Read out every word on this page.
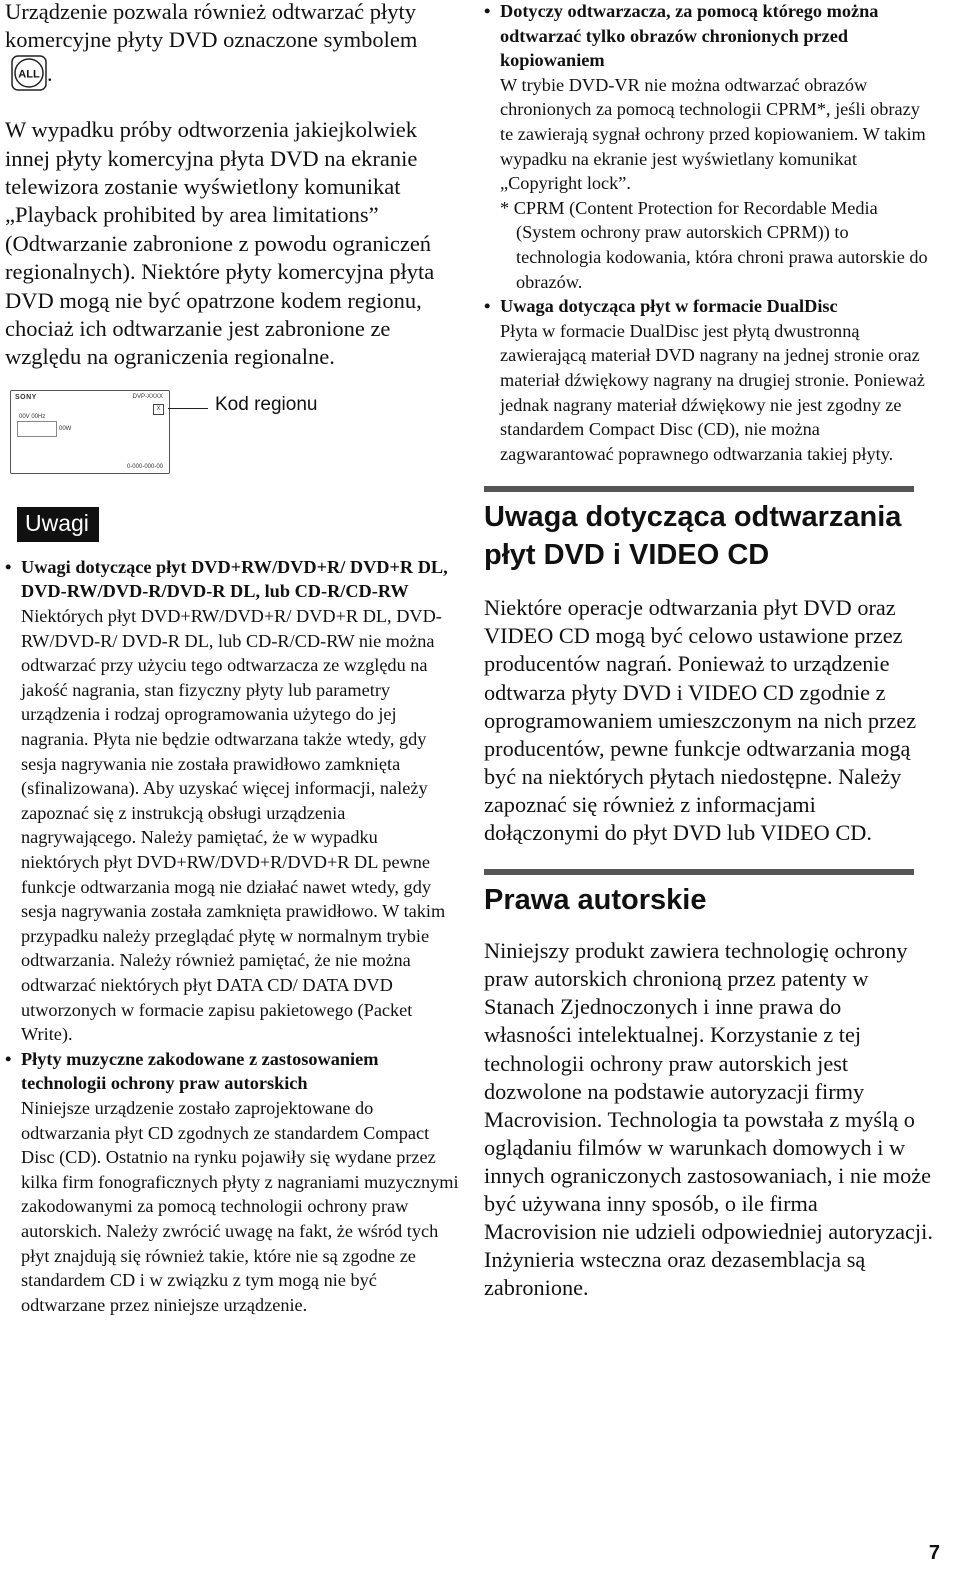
Urządzenie pozwala również odtwarzać płyty komercyjne płyty DVD oznaczone symbolem
ALL .

W wypadku próby odtworzenia jakiejkolwiek innej płyty komercyjna płyta DVD na ekranie telewizora zostanie wyświetlony komunikat „Playback prohibited by area limitations” (Odtwarzanie zabronione z powodu ograniczeń regionalnych). Niektóre płyty komercyjna płyta DVD mogą nie być opatrzone kodem regionu, chociaż ich odtwarzanie jest zabronione ze względu na ograniczenia regionalne.

SONY	DVP-XXXX
X
00V 00Hz
00W
0-000-000-00
Kod regionu
Uwagi

• Uwagi dotyczące płyt DVD+RW/DVD+R/ DVD+R DL, DVD-RW/DVD-R/DVD-R DL, lub CD-R/CD-RW

Niektórych płyt DVD+RW/DVD+R/ DVD+R DL, DVD-RW/DVD-R/ DVD-R DL, lub CD-R/CD-RW nie można odtwarzać przy użyciu tego odtwarzacza ze względu na jakość nagrania, stan fizyczny płyty lub parametry urządzenia i rodzaj oprogramowania użytego do jej nagrania. Płyta nie będzie odtwarzana także wtedy, gdy sesja nagrywania nie została prawidłowo zamknięta (sfinalizowana). Aby uzyskać więcej informacji, należy zapoznać się z instrukcją obsługi urządzenia nagrywającego. Należy pamiętać, że w wypadku niektórych płyt DVD+RW/DVD+R/DVD+R DL pewne funkcje odtwarzania mogą nie działać nawet wtedy, gdy sesja nagrywania została zamknięta prawidłowo. W takim przypadku należy przeglądać płytę w normalnym trybie odtwarzania. Należy również pamiętać, że nie można odtwarzać niektórych płyt DATA CD/ DATA DVD utworzonych w formacie zapisu pakietowego (Packet Write).

• Płyty muzyczne zakodowane z zastosowaniem technologii ochrony praw autorskich

Niniejsze urządzenie zostało zaprojektowane do odtwarzania płyt CD zgodnych ze standardem Compact Disc (CD). Ostatnio na rynku pojawiły się wydane przez kilka firm fonograficznych płyty z nagraniami muzycznymi zakodowanymi za pomocą technologii ochrony praw autorskich. Należy zwrócić uwagę na fakt, że wśród tych płyt znajdują się również takie, które nie są zgodne ze standardem CD i w związku z tym mogą nie być odtwarzane przez niniejsze urządzenie.

• Dotyczy odtwarzacza, za pomocą którego można odtwarzać tylko obrazów chronionych przed kopiowaniem

W trybie DVD-VR nie można odtwarzać obrazów chronionych za pomocą technologii CPRM*, jeśli obrazy te zawierają sygnał ochrony przed kopiowaniem. W takim wypadku na ekranie jest wyświetlany komunikat „Copyright lock”.

* CPRM (Content Protection for Recordable Media (System ochrony praw autorskich CPRM)) to technologia kodowania, która chroni prawa autorskie do obrazów.

• Uwaga dotycząca płyt w formacie DualDisc

Płyta w formacie DualDisc jest płytą dwustronną zawierającą materiał DVD nagrany na jednej stronie oraz materiał dźwiękowy nagrany na drugiej stronie. Ponieważ jednak nagrany materiał dźwiękowy nie jest zgodny ze standardem Compact Disc (CD), nie można zagwarantować poprawnego odtwarzania takiej płyty.

Uwaga dotycząca odtwarzania płyt DVD i VIDEO CD

Niektóre operacje odtwarzania płyt DVD oraz VIDEO CD mogą być celowo ustawione przez producentów nagrań. Ponieważ to urządzenie odtwarza płyty DVD i VIDEO CD zgodnie z oprogramowaniem umieszczonym na nich przez producentów, pewne funkcje odtwarzania mogą być na niektórych płytach niedostępne. Należy zapoznać się również z informacjami dołączonymi do płyt DVD lub VIDEO CD.

Prawa autorskie

Niniejszy produkt zawiera technologię ochrony praw autorskich chronioną przez patenty w Stanach Zjednoczonych i inne prawa do własności intelektualnej. Korzystanie z tej technologii ochrony praw autorskich jest dozwolone na podstawie autoryzacji firmy Macrovision. Technologia ta powstała z myślą o oglądaniu filmów w warunkach domowych i w innych ograniczonych zastosowaniach, i nie może być używana inny sposób, o ile firma Macrovision nie udzieli odpowiedniej autoryzacji. Inżynieria wsteczna oraz dezasemblacja są zabronione.

7
